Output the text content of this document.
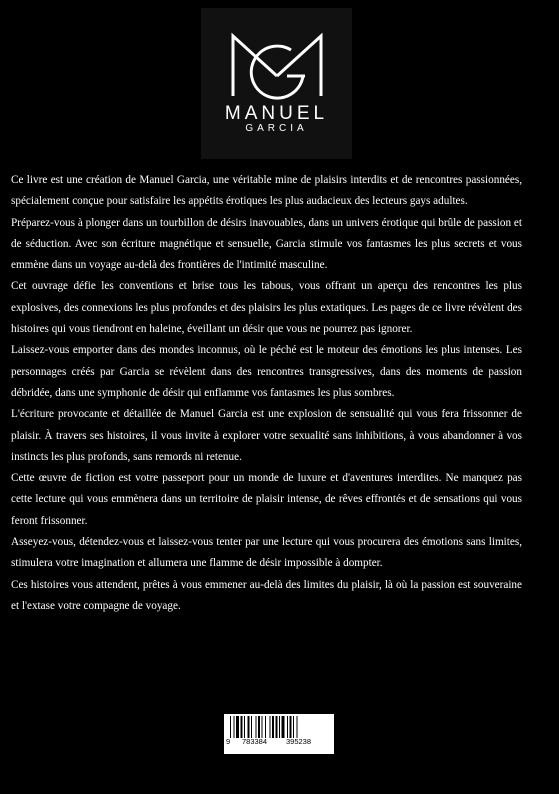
MANUEL
GARCIA

Ce livre est une création de Manuel Garcia, une véritable mine de plaisirs interdits et de rencontres passionnées, spécialement conçue pour satisfaire les appétits érotiques les plus audacieux des lecteurs gays adultes.

Préparez-vous à plonger dans un tourbillon de désirs inavouables, dans un univers érotique qui brûle de passion et de séduction. Avec son écriture magnétique et sensuelle, Garcia stimule vos fantasmes les plus secrets et vous emmène dans un voyage au-delà des frontières de l'intimité masculine.

Cet ouvrage défie les conventions et brise tous les tabous, vous offrant un aperçu des rencontres les plus explosives, des connexions les plus profondes et des plaisirs les plus extatiques. Les pages de ce livre révèlent des histoires qui vous tiendront en haleine, éveillant un désir que vous ne pourrez pas ignorer.

Laissez-vous emporter dans des mondes inconnus, où le péché est le moteur des émotions les plus intenses. Les personnages créés par Garcia se révèlent dans des rencontres transgressives, dans des moments de passion débridée, dans une symphonie de désir qui enflamme vos fantasmes les plus sombres.

L'écriture provocante et détaillée de Manuel Garcia est une explosion de sensualité qui vous fera frissonner de plaisir. À travers ses histoires, il vous invite à explorer votre sexualité sans inhibitions, à vous abandonner à vos instincts les plus profonds, sans remords ni retenue.

Cette œuvre de fiction est votre passeport pour un monde de luxure et d'aventures interdites. Ne manquez pas cette lecture qui vous emmènera dans un territoire de plaisir intense, de rêves effrontés et de sensations qui vous feront frissonner.

Asseyez-vous, détendez-vous et laissez-vous tenter par une lecture qui vous procurera des émotions sans limites, stimulera votre imagination et allumera une flamme de désir impossible à dompter.

Ces histoires vous attendent, prêtes à vous emmener au-delà des limites du plaisir, là où la passion est souveraine et l'extase votre compagne de voyage.

9 783384	395238
